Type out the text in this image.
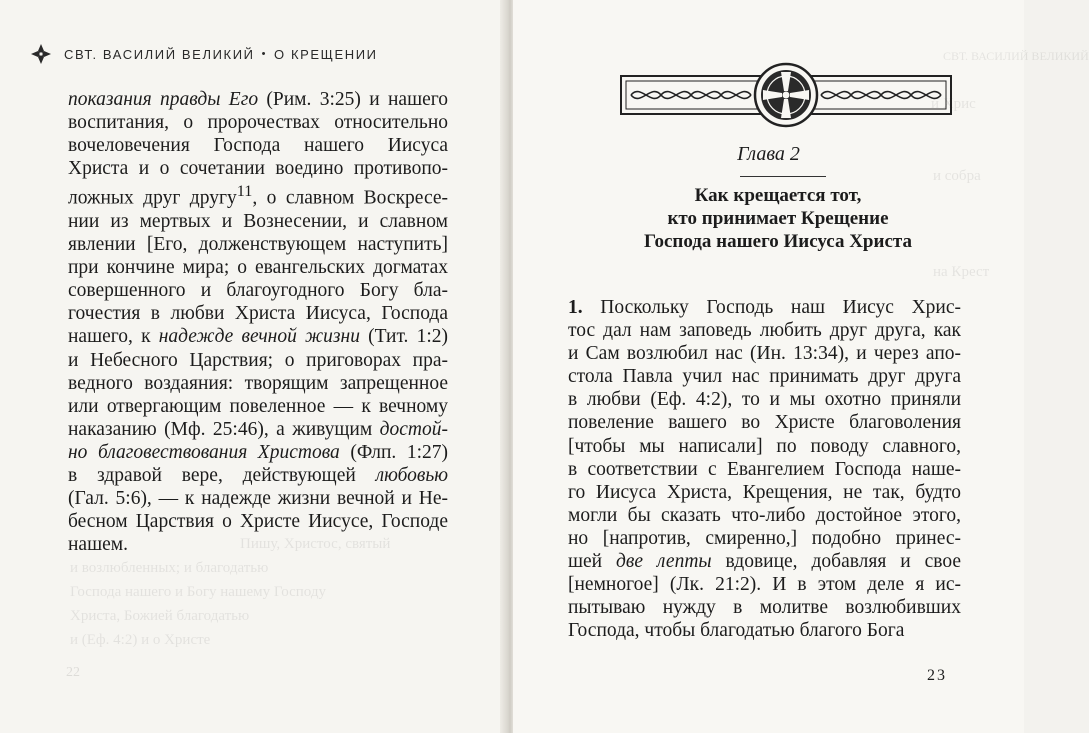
СВТ. ВАСИЛИЙ ВЕЛИКИЙ • О КРЕЩЕНИИ

показания правды Его (Рим. 3:25) и нашего
воспитания, о пророчествах относительно
вочеловечения Господа нашего Иисуса
Христа и о сочетании воедино противопо-
ложных друг другу$^{11}$, о славном Воскресе-
нии из мертвых и Вознесении, и славном
явлении [Его, долженствующем наступить]
при кончине мира; о евангельских догматах
совершенного и благоугодного Богу бла-
гочестия в любви Христа Иисуса, Господа
нашего, к надежде вечной жизни (Тит. 1:2)
и Небесного Царствия; о приговорах пра-
ведного воздаяния: творящим запрещенное
или отвергающим повеленное — к вечному
наказанию (Мф. 25:46), а живущим достой-
но благовествования Христова (Флп. 1:27)
в здравой вере, действующей любовью
(Гал. 5:6), — к надежде жизни вечной и Не-
бесном Царствия о Христе Иисусе, Господе
нашем.	Пишу, Христос, святый
и возлюбленных; и благодатью
Господа нашего и Богу нашему Господу
Христа, Божией благодатью
и (Еф. 4:2) и о Христе
22
СВТ. ВАСИЛИЙ ВЕЛИКИЙ
и Хрис
и собра
на Крест
Глава 2
Как крещается тот,
кто принимает Крещение
Господа нашего Иисуса Христа

1. Поскольку Господь наш Иисус Хрис-
тос дал нам заповедь любить друг друга, как
и Сам возлюбил нас (Ин. 13:34), и через апо-
стола Павла учил нас принимать друг друга
в любви (Еф. 4:2), то и мы охотно приняли
повеление вашего во Христе благоволения
[чтобы мы написали] по поводу славного,
в соответствии с Евангелием Господа наше-
го Иисуса Христа, Крещения, не так, будто
могли бы сказать что-либо достойное этого,
но [напротив, смиренно,] подобно принес-
шей две лепты вдовице, добавляя и свое
[немногое] (Лк. 21:2). И в этом деле я ис-
пытываю нужду в молитве возлюбивших
Господа, чтобы благодатью благого Бога

23
